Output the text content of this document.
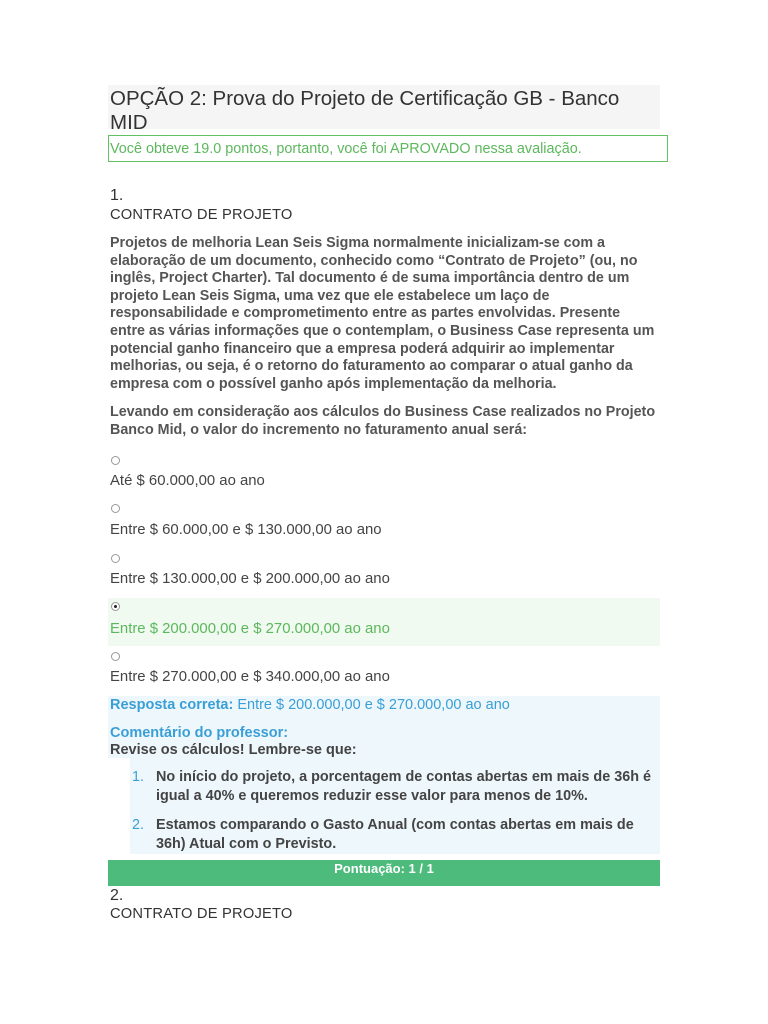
OPÇÃO 2: Prova do Projeto de Certificação GB - Banco MID
Você obteve 19.0 pontos, portanto, você foi APROVADO nessa avaliação.
1.
CONTRATO DE PROJETO
Projetos de melhoria Lean Seis Sigma normalmente inicializam-se com a elaboração de um documento, conhecido como “Contrato de Projeto” (ou, no inglês, Project Charter). Tal documento é de suma importância dentro de um projeto Lean Seis Sigma, uma vez que ele estabelece um laço de responsabilidade e comprometimento entre as partes envolvidas. Presente entre as várias informações que o contemplam, o Business Case representa um potencial ganho financeiro que a empresa poderá adquirir ao implementar melhorias, ou seja, é o retorno do faturamento ao comparar o atual ganho da empresa com o possível ganho após implementação da melhoria.
Levando em consideração aos cálculos do Business Case realizados no Projeto Banco Mid, o valor do incremento no faturamento anual será:
Até $ 60.000,00 ao ano
Entre $ 60.000,00 e $ 130.000,00 ao ano
Entre $ 130.000,00 e $ 200.000,00 ao ano
Entre $ 200.000,00 e $ 270.000,00 ao ano
Entre $ 270.000,00 e $ 340.000,00 ao ano
Resposta correta: Entre $ 200.000,00 e $ 270.000,00 ao ano
Comentário do professor:
Revise os cálculos! Lembre-se que:
1. No início do projeto, a porcentagem de contas abertas em mais de 36h é igual a 40% e queremos reduzir esse valor para menos de 10%.
2. Estamos comparando o Gasto Anual (com contas abertas em mais de 36h) Atual com o Previsto.
Pontuação: 1 / 1
2.
CONTRATO DE PROJETO
